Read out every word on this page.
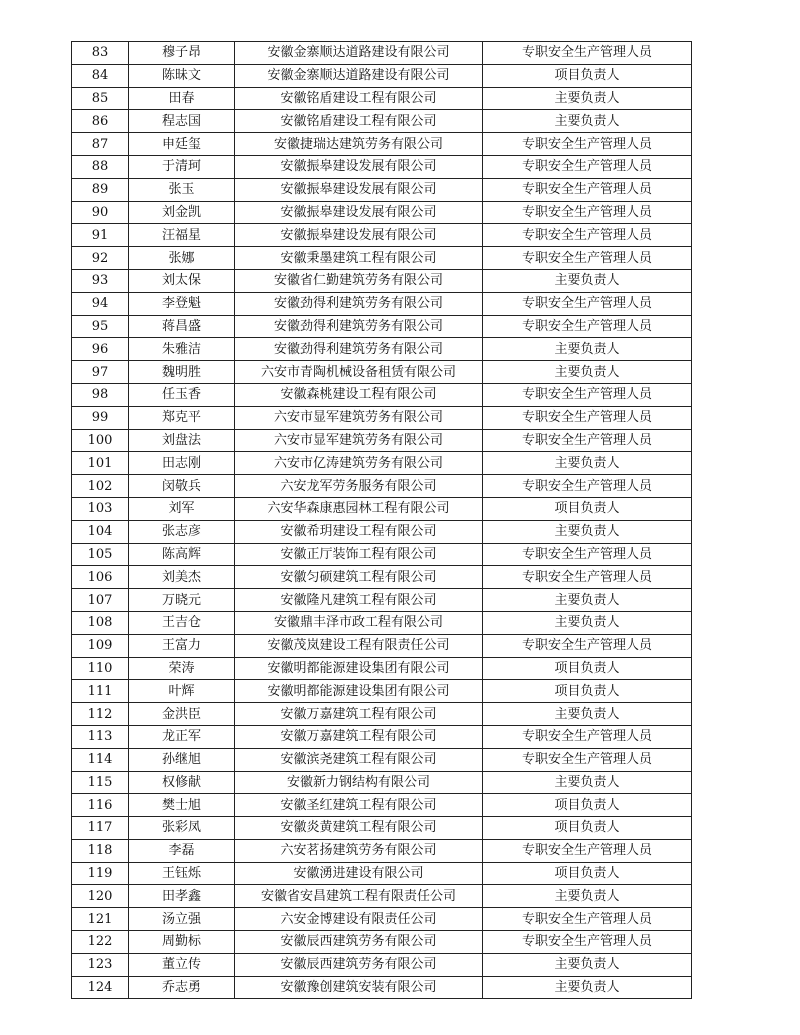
83	穆子昂	安徽金寨顺达道路建设有限公司	专职安全生产管理人员
84	陈昧文	安徽金寨顺达道路建设有限公司	项目负责人
85	田春	安徽铭盾建设工程有限公司	主要负责人
86	程志国	安徽铭盾建设工程有限公司	主要负责人
87	申廷玺	安徽捷瑞达建筑劳务有限公司	专职安全生产管理人员
88	于清珂	安徽振皋建设发展有限公司	专职安全生产管理人员
89	张玉	安徽振皋建设发展有限公司	专职安全生产管理人员
90	刘金凯	安徽振皋建设发展有限公司	专职安全生产管理人员
91	汪福星	安徽振皋建设发展有限公司	专职安全生产管理人员
92	张娜	安徽秉墨建筑工程有限公司	专职安全生产管理人员
93	刘太保	安徽省仁勤建筑劳务有限公司	主要负责人
94	李登魁	安徽劲得利建筑劳务有限公司	专职安全生产管理人员
95	蒋昌盛	安徽劲得利建筑劳务有限公司	专职安全生产管理人员
96	朱雅洁	安徽劲得利建筑劳务有限公司	主要负责人
97	魏明胜	六安市青陶机械设备租赁有限公司	主要负责人
98	任玉香	安徽森桃建设工程有限公司	专职安全生产管理人员
99	郑克平	六安市显军建筑劳务有限公司	专职安全生产管理人员
100	刘盘法	六安市显军建筑劳务有限公司	专职安全生产管理人员
101	田志刚	六安市亿涛建筑劳务有限公司	主要负责人
102	闵敬兵	六安龙军劳务服务有限公司	专职安全生产管理人员
103	刘军	六安华森康惠园林工程有限公司	项目负责人
104	张志彦	安徽希玥建设工程有限公司	主要负责人
105	陈高辉	安徽正厅装饰工程有限公司	专职安全生产管理人员
106	刘美杰	安徽匀硕建筑工程有限公司	专职安全生产管理人员
107	万晓元	安徽隆凡建筑工程有限公司	主要负责人
108	王吉仓	安徽鼎丰泽市政工程有限公司	主要负责人
109	王富力	安徽茂岚建设工程有限责任公司	专职安全生产管理人员
110	荣涛	安徽明都能源建设集团有限公司	项目负责人
111	叶辉	安徽明都能源建设集团有限公司	项目负责人
112	金洪臣	安徽万嘉建筑工程有限公司	主要负责人
113	龙正军	安徽万嘉建筑工程有限公司	专职安全生产管理人员
114	孙继旭	安徽滨尧建筑工程有限公司	专职安全生产管理人员
115	权修献	安徽新力钢结构有限公司	主要负责人
116	樊士旭	安徽圣红建筑工程有限公司	项目负责人
117	张彩凤	安徽炎黄建筑工程有限公司	项目负责人
118	李磊	六安茗扬建筑劳务有限公司	专职安全生产管理人员
119	王钰烁	安徽湧进建设有限公司	项目负责人
120	田孝鑫	安徽省安昌建筑工程有限责任公司	主要负责人
121	汤立强	六安金博建设有限责任公司	专职安全生产管理人员
122	周勤标	安徽辰西建筑劳务有限公司	专职安全生产管理人员
123	董立传	安徽辰西建筑劳务有限公司	主要负责人
124	乔志勇	安徽豫创建筑安装有限公司	主要负责人
